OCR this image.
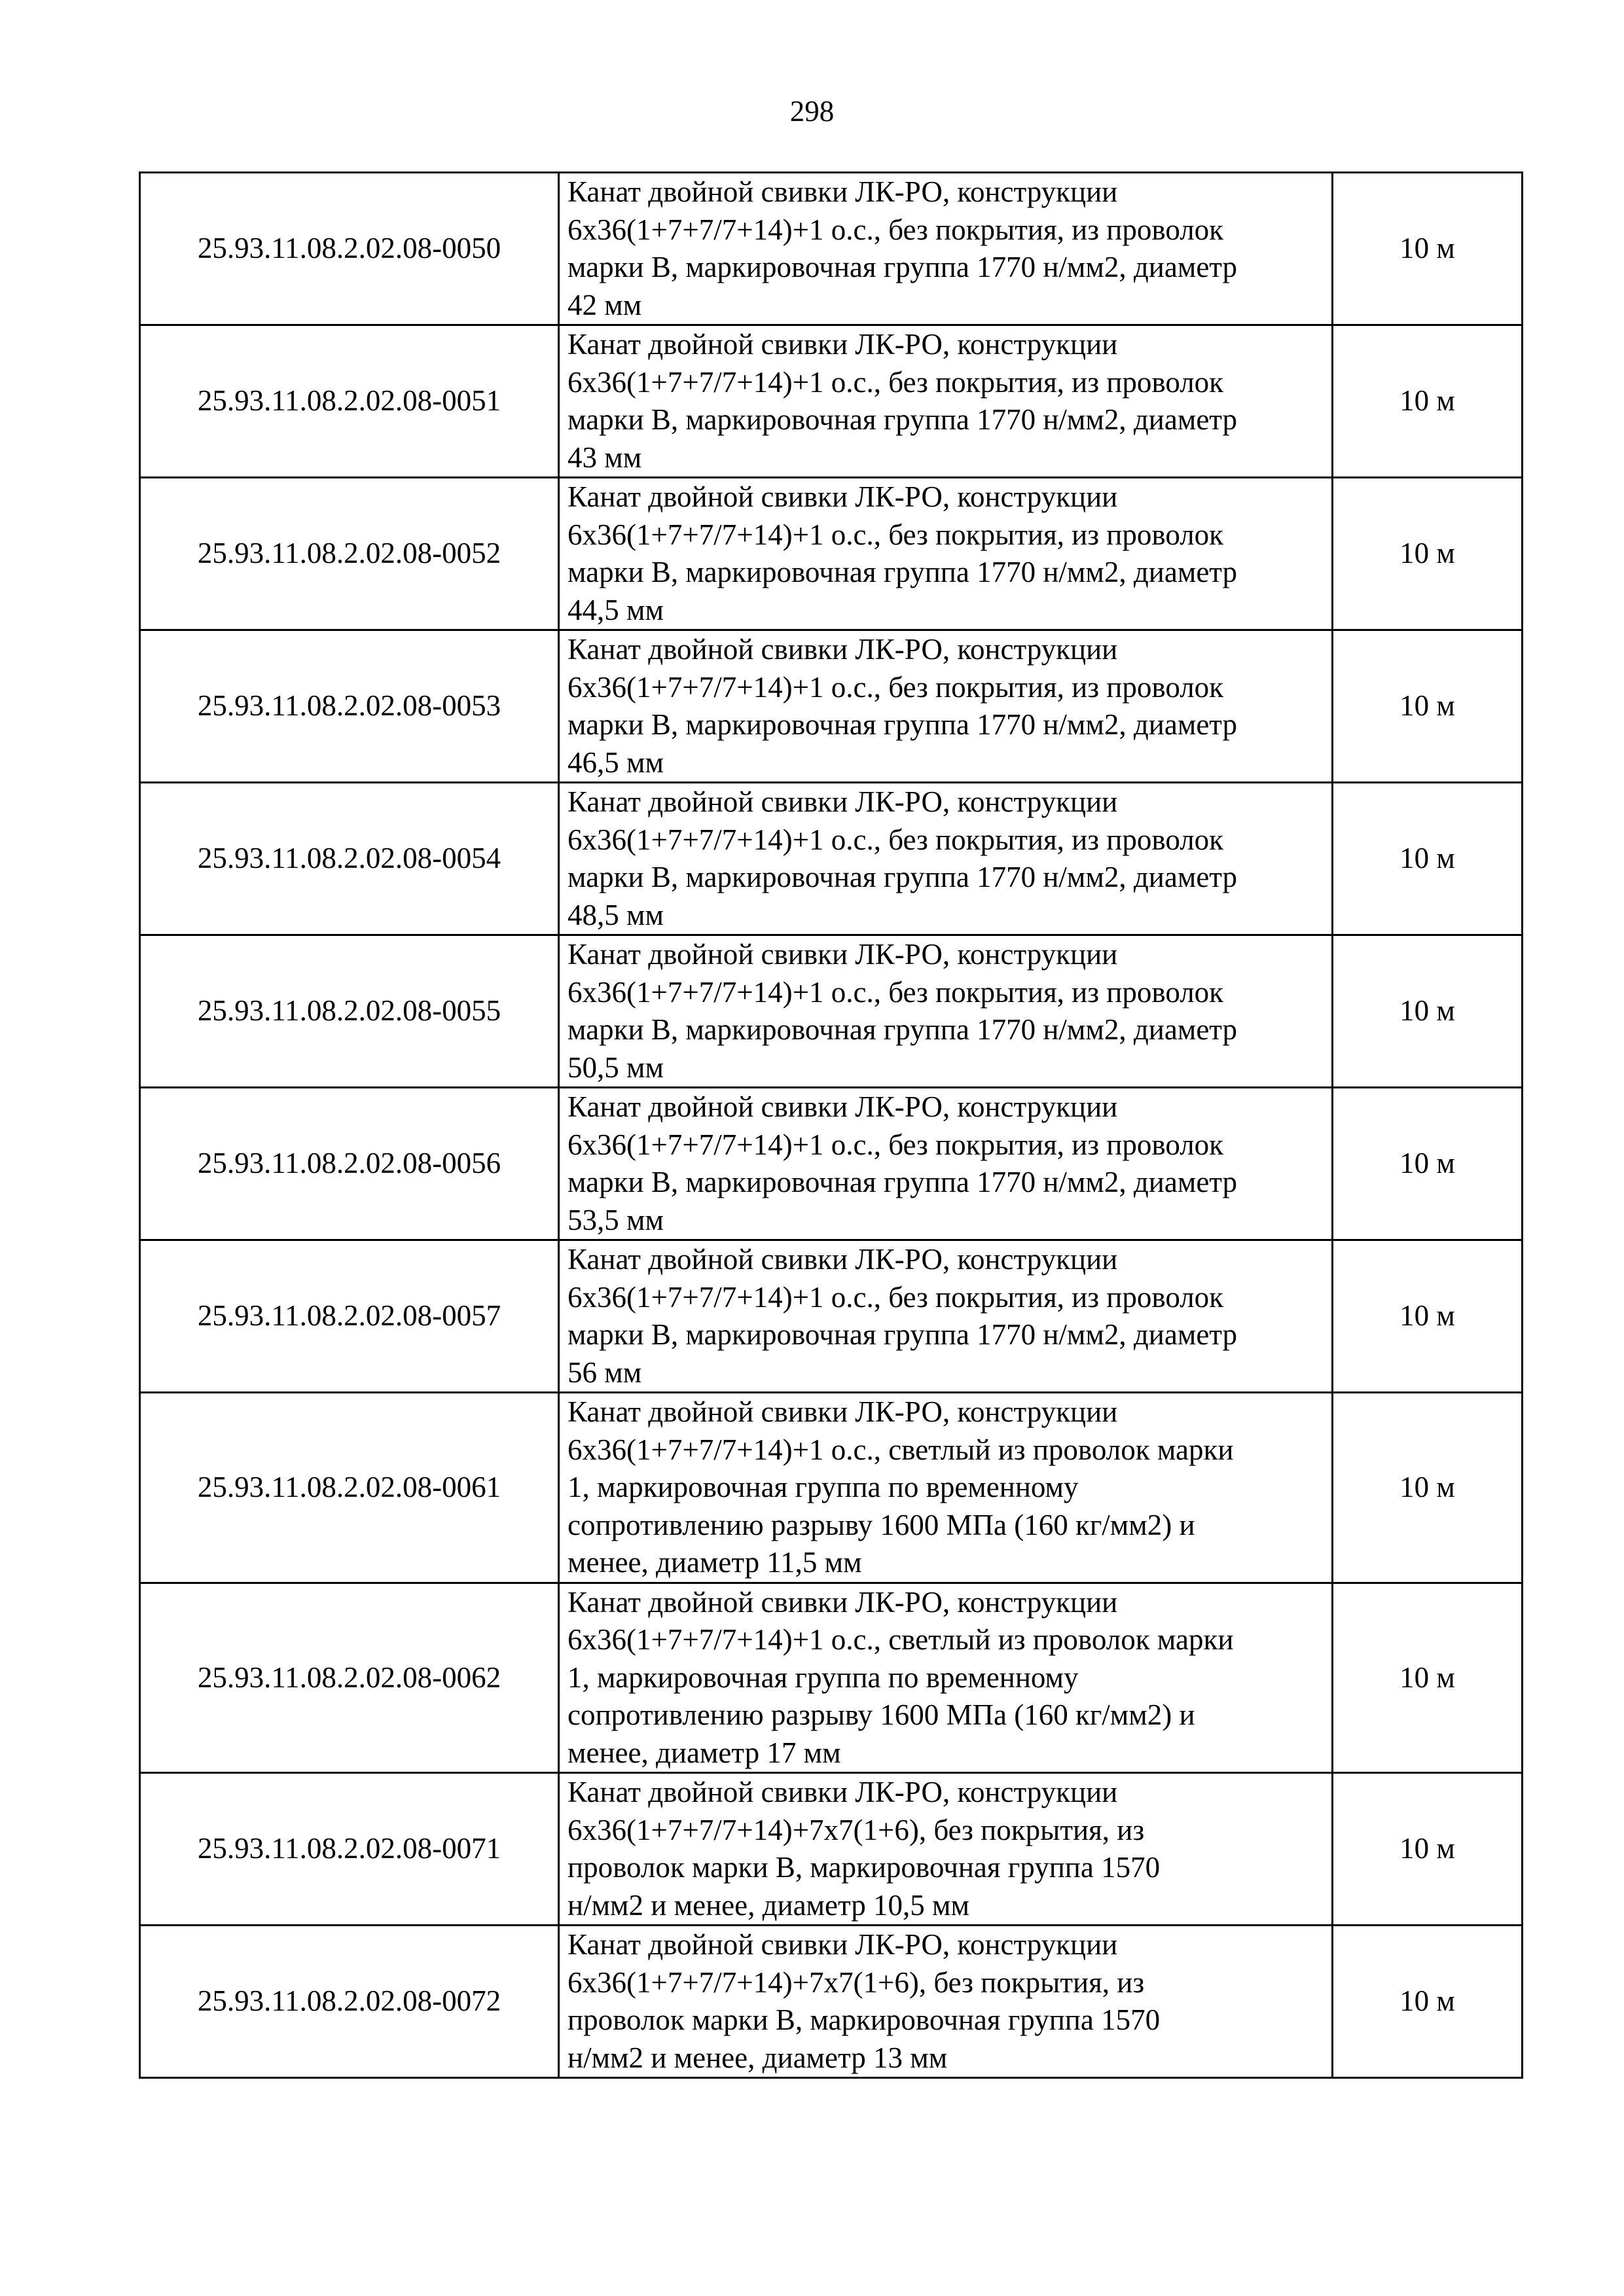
298
25.93.11.08.2.02.08-0050	Канат двойной свивки ЛК-РО, конструкции
6х36(1+7+7/7+14)+1 о.с., без покрытия, из проволок
марки В, маркировочная группа 1770 н/мм2, диаметр
42 мм	10 м
25.93.11.08.2.02.08-0051	Канат двойной свивки ЛК-РО, конструкции
6х36(1+7+7/7+14)+1 о.с., без покрытия, из проволок
марки В, маркировочная группа 1770 н/мм2, диаметр
43 мм	10 м
25.93.11.08.2.02.08-0052	Канат двойной свивки ЛК-РО, конструкции
6х36(1+7+7/7+14)+1 о.с., без покрытия, из проволок
марки В, маркировочная группа 1770 н/мм2, диаметр
44,5 мм	10 м
25.93.11.08.2.02.08-0053	Канат двойной свивки ЛК-РО, конструкции
6х36(1+7+7/7+14)+1 о.с., без покрытия, из проволок
марки В, маркировочная группа 1770 н/мм2, диаметр
46,5 мм	10 м
25.93.11.08.2.02.08-0054	Канат двойной свивки ЛК-РО, конструкции
6х36(1+7+7/7+14)+1 о.с., без покрытия, из проволок
марки В, маркировочная группа 1770 н/мм2, диаметр
48,5 мм	10 м
25.93.11.08.2.02.08-0055	Канат двойной свивки ЛК-РО, конструкции
6х36(1+7+7/7+14)+1 о.с., без покрытия, из проволок
марки В, маркировочная группа 1770 н/мм2, диаметр
50,5 мм	10 м
25.93.11.08.2.02.08-0056	Канат двойной свивки ЛК-РО, конструкции
6х36(1+7+7/7+14)+1 о.с., без покрытия, из проволок
марки В, маркировочная группа 1770 н/мм2, диаметр
53,5 мм	10 м
25.93.11.08.2.02.08-0057	Канат двойной свивки ЛК-РО, конструкции
6х36(1+7+7/7+14)+1 о.с., без покрытия, из проволок
марки В, маркировочная группа 1770 н/мм2, диаметр
56 мм	10 м
25.93.11.08.2.02.08-0061	Канат двойной свивки ЛК-РО, конструкции
6х36(1+7+7/7+14)+1 о.с., светлый из проволок марки
1, маркировочная группа по временному
сопротивлению разрыву 1600 МПа (160 кг/мм2) и
менее, диаметр 11,5 мм	10 м
25.93.11.08.2.02.08-0062	Канат двойной свивки ЛК-РО, конструкции
6х36(1+7+7/7+14)+1 о.с., светлый из проволок марки
1, маркировочная группа по временному
сопротивлению разрыву 1600 МПа (160 кг/мм2) и
менее, диаметр 17 мм	10 м
25.93.11.08.2.02.08-0071	Канат двойной свивки ЛК-РО, конструкции
6х36(1+7+7/7+14)+7х7(1+6), без покрытия, из
проволок марки В, маркировочная группа 1570
н/мм2 и менее, диаметр 10,5 мм	10 м
25.93.11.08.2.02.08-0072	Канат двойной свивки ЛК-РО, конструкции
6х36(1+7+7/7+14)+7х7(1+6), без покрытия, из
проволок марки В, маркировочная группа 1570
н/мм2 и менее, диаметр 13 мм	10 м
